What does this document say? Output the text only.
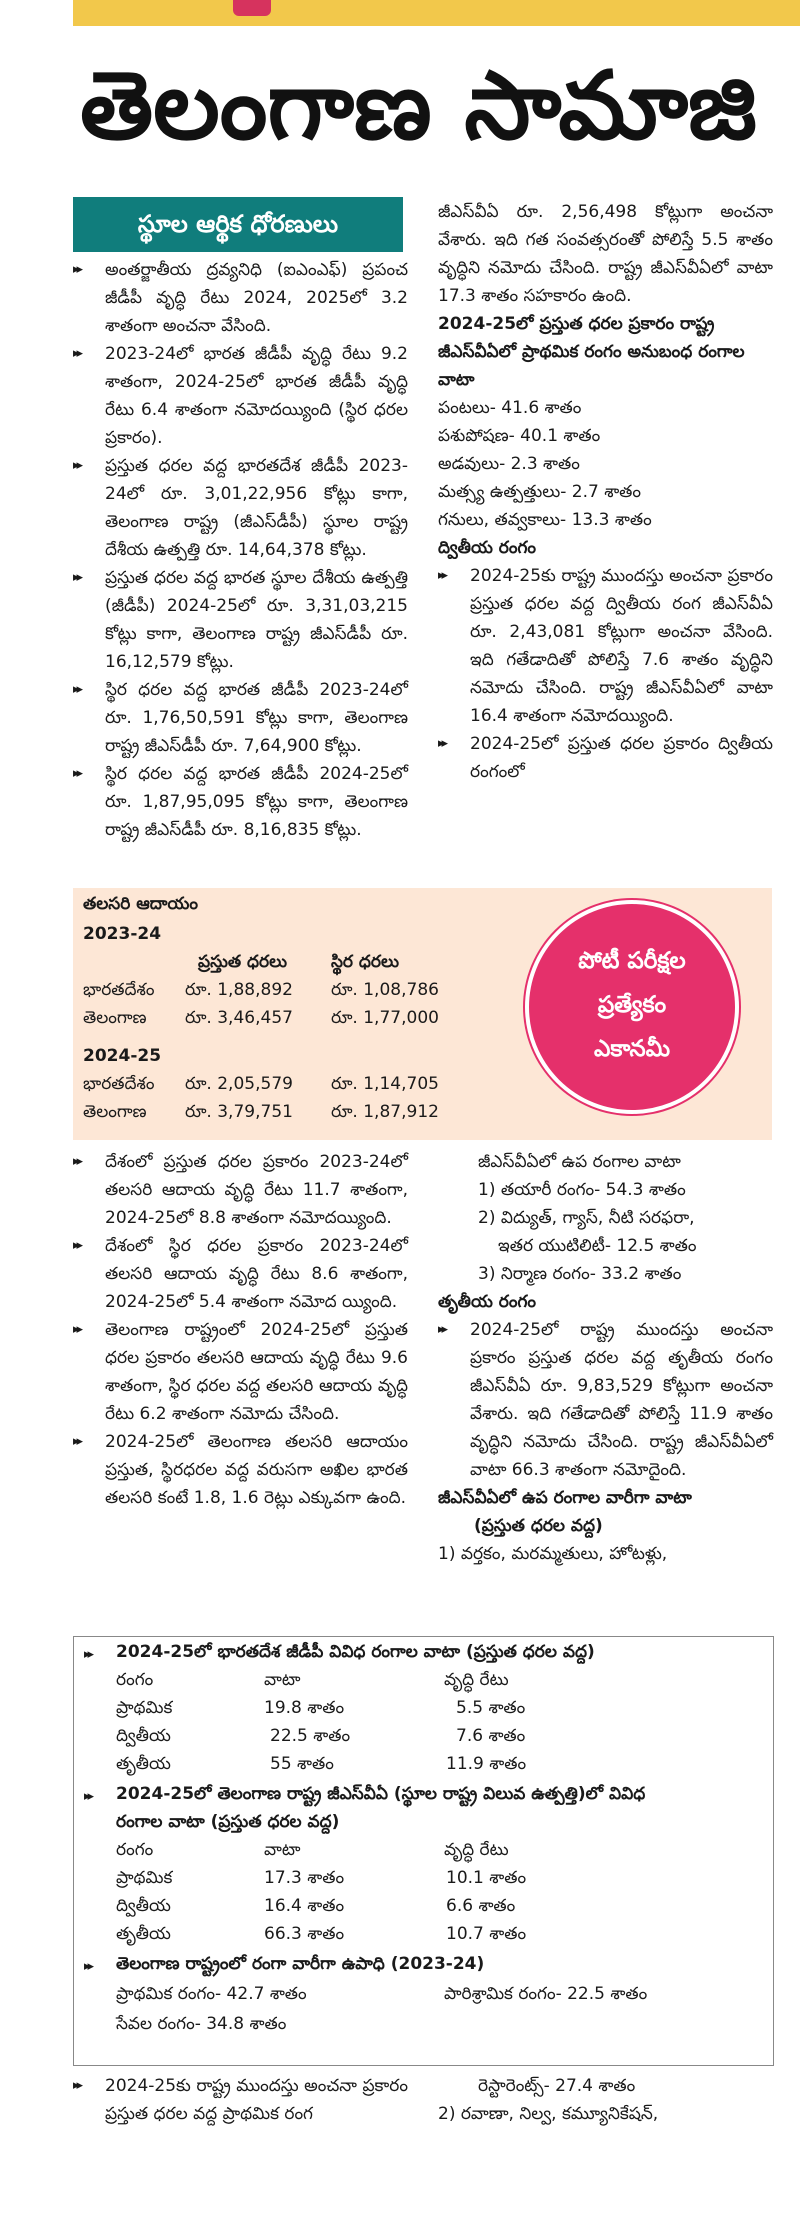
తెలంగాణ సామాజి
స్థూల ఆర్థిక ధోరణులు
▸▸ అంతర్జాతీయ ద్రవ్యనిధి (ఐఎంఎఫ్) ప్రపంచ జీడీపీ వృద్ధి రేటు 2024, 2025లో 3.2 శాతంగా అంచనా వేసింది.
▸▸ 2023-24లో భారత జీడీపీ వృద్ధి రేటు 9.2 శాతంగా, 2024-25లో భారత జీడీపీ వృద్ధి రేటు 6.4 శాతంగా నమోదయ్యింది (స్థిర ధరల ప్రకారం).
▸▸ ప్రస్తుత ధరల వద్ద భారతదేశ జీడీపీ 2023-24లో రూ. 3,01,22,956 కోట్లు కాగా, తెలంగాణ రాష్ట్ర (జీఎస్‌డీపీ) స్థూల రాష్ట్ర దేశీయ ఉత్పత్తి రూ. 14,64,378 కోట్లు.
▸▸ ప్రస్తుత ధరల వద్ద భారత స్థూల దేశీయ ఉత్పత్తి (జీడీపీ) 2024-25లో రూ. 3,31,03,215 కోట్లు కాగా, తెలంగాణ రాష్ట్ర జీఎస్‌డీపీ రూ. 16,12,579 కోట్లు.
▸▸ స్థిర ధరల వద్ద భారత జీడీపీ 2023-24లో రూ. 1,76,50,591 కోట్లు కాగా, తెలంగాణ రాష్ట్ర జీఎస్‌డీపీ రూ. 7,64,900 కోట్లు.
▸▸ స్థిర ధరల వద్ద భారత జీడీపీ 2024-25లో రూ. 1,87,95,095 కోట్లు కాగా, తెలంగాణ రాష్ట్ర జీఎస్‌డీపీ రూ. 8,16,835 కోట్లు.
జీఎస్‌వీఏ రూ. 2,56,498 కోట్లుగా అంచనా వేశారు. ఇది గత సంవత్సరంతో పోలిస్తే 5.5 శాతం వృద్ధిని నమోదు చేసింది. రాష్ట్ర జీఎస్‌వీఏలో వాటా 17.3 శాతం సహకారం ఉంది.
2024-25లో ప్రస్తుత ధరల ప్రకారం రాష్ట్ర జీఎస్‌వీఏలో ప్రాథమిక రంగం అనుబంధ రంగాల వాటా
పంటలు- 41.6 శాతం
పశుపోషణ- 40.1 శాతం
అడవులు- 2.3 శాతం
మత్స్య ఉత్పత్తులు- 2.7 శాతం
గనులు, తవ్వకాలు- 13.3 శాతం
ద్వితీయ రంగం
▸▸ 2024-25కు రాష్ట్ర ముందస్తు అంచనా ప్రకారం ప్రస్తుత ధరల వద్ద ద్వితీయ రంగ జీఎస్‌వీఏ రూ. 2,43,081 కోట్లుగా అంచనా వేసింది. ఇది గతేడాదితో పోలిస్తే 7.6 శాతం వృద్ధిని నమోదు చేసింది. రాష్ట్ర జీఎస్‌వీఏలో వాటా 16.4 శాతంగా నమోదయ్యింది.
▸▸ 2024-25లో ప్రస్తుత ధరల ప్రకారం ద్వితీయ రంగంలో
తలసరి ఆదాయం
2023-24
ప్రస్తుత ధరలు	స్థిర ధరలు
భారతదేశం రూ. 1,88,892 రూ. 1,08,786
తెలంగాణ రూ. 3,46,457 రూ. 1,77,000
2024-25
భారతదేశం రూ. 2,05,579 రూ. 1,14,705
తెలంగాణ రూ. 3,79,751 రూ. 1,87,912
పోటీ పరీక్షల
ప్రత్యేకం
ఎకానమీ
▸▸ దేశంలో ప్రస్తుత ధరల ప్రకారం 2023-24లో తలసరి ఆదాయ వృద్ధి రేటు 11.7 శాతంగా, 2024-25లో 8.8 శాతంగా నమోదయ్యింది.
▸▸ దేశంలో స్థిర ధరల ప్రకారం 2023-24లో తలసరి ఆదాయ వృద్ధి రేటు 8.6 శాతంగా, 2024-25లో 5.4 శాతంగా నమోద య్యింది.
▸▸ తెలంగాణ రాష్ట్రంలో 2024-25లో ప్రస్తుత ధరల ప్రకారం తలసరి ఆదాయ వృద్ధి రేటు 9.6 శాతంగా, స్థిర ధరల వద్ద తలసరి ఆదాయ వృద్ధి రేటు 6.2 శాతంగా నమోదు చేసింది.
▸▸ 2024-25లో తెలంగాణ తలసరి ఆదాయం ప్రస్తుత, స్థిరధరల వద్ద వరుసగా అఖిల భారత తలసరి కంటే 1.8, 1.6 రెట్లు ఎక్కువగా ఉంది.
జీఎస్‌వీఏలో ఉప రంగాల వాటా
1) తయారీ రంగం- 54.3 శాతం
2) విద్యుత్, గ్యాస్, నీటి సరఫరా,
ఇతర యుటిలిటీ- 12.5 శాతం
3) నిర్మాణ రంగం- 33.2 శాతం
తృతీయ రంగం
▸▸ 2024-25లో రాష్ట్ర ముందస్తు అంచనా ప్రకారం ప్రస్తుత ధరల వద్ద తృతీయ రంగం జీఎస్‌వీఏ రూ. 9,83,529 కోట్లుగా అంచనా వేశారు. ఇది గతేడాదితో పోలిస్తే 11.9 శాతం వృద్ధిని నమోదు చేసింది. రాష్ట్ర జీఎస్‌వీఏలో వాటా 66.3 శాతంగా నమోదైంది.
జీఎస్‌వీఏలో ఉప రంగాల వారీగా వాటా
(ప్రస్తుత ధరల వద్ద)
1) వర్తకం, మరమ్మతులు, హోటళ్లు,
▸▸ 2024-25లో భారతదేశ జీడీపీ వివిధ రంగాల వాటా (ప్రస్తుత ధరల వద్ద)
రంగం	వాటా	వృద్ధి రేటు
ప్రాథమిక	19.8 శాతం	5.5 శాతం
ద్వితీయ	22.5 శాతం	7.6 శాతం
తృతీయ	55 శాతం	11.9 శాతం
▸▸ 2024-25లో తెలంగాణ రాష్ట్ర జీఎస్‌వీఏ (స్థూల రాష్ట్ర విలువ ఉత్పత్తి)లో వివిధ
రంగాల వాటా (ప్రస్తుత ధరల వద్ద)
రంగం	వాటా	వృద్ధి రేటు
ప్రాథమిక	17.3 శాతం	10.1 శాతం
ద్వితీయ	16.4 శాతం	6.6 శాతం
తృతీయ	66.3 శాతం	10.7 శాతం
▸▸ తెలంగాణ రాష్ట్రంలో రంగా వారీగా ఉపాధి (2023-24)
ప్రాథమిక రంగం- 42.7 శాతం	పారిశ్రామిక రంగం- 22.5 శాతం
సేవల రంగం- 34.8 శాతం
▸▸ 2024-25కు రాష్ట్ర ముందస్తు అంచనా ప్రకారం ప్రస్తుత ధరల వద్ద ప్రాథమిక రంగ
రెస్టారెంట్స్- 27.4 శాతం
2) రవాణా, నిల్వ, కమ్యూనికేషన్,
